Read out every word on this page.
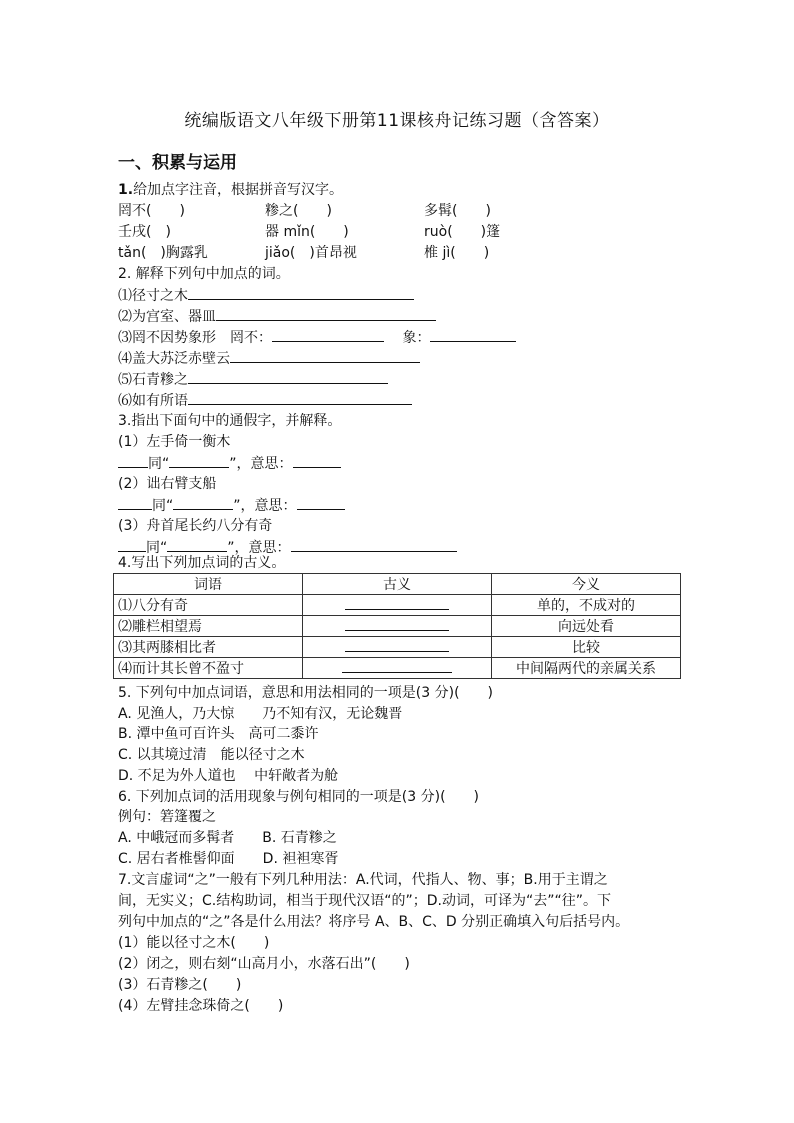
统编版语文八年级下册第11课核舟记练习题（含答案）
一、积累与运用
1.给加点字注音，根据拼音写汉字。
罔不(　　)	糁之(　　)	多髯(　　)
壬戌(　)	器 mǐn(　　)	ruò(　　)篷
tǎn(　)胸露乳	jiǎo(　)首昂视	椎 jì(　　)
2. 解释下列句中加点的词。
⑴径寸之木
⑵为宫室、器皿
⑶罔不因势象形　罔不：	象：
⑷盖大苏泛赤壁云
⑸石青糁之
⑹如有所语
3.指出下面句中的通假字，并解释。
(1）左手倚一衡木
同“	”，意思：
(2）诎右臂支船
同“	”，意思：
(3）舟首尾长约八分有奇
同“	”，意思：
4.写出下列加点词的古义。
词语	古义	今义
⑴八分有奇		单的，不成对的
⑵雕栏相望焉		向远处看
⑶其两膝相比者		比较
⑷而计其长曾不盈寸		中间隔两代的亲属关系
5. 下列句中加点词语，意思和用法相同的一项是(3 分)(　　)
A. 见渔人，乃大惊　　乃不知有汉，无论魏晋
B. 潭中鱼可百许头　高可二黍许
C. 以其境过清　能以径寸之木
D. 不足为外人道也　 中轩敞者为舱
6. 下列加点词的活用现象与例句相同的一项是(3 分)(　　)
例句：箬篷覆之
A. 中峨冠而多髯者　　B. 石青糁之
C. 居右者椎髻仰面　　D. 袒袒寒胥
7.文言虚词“之”一般有下列几种用法：A.代词，代指人、物、事；B.用于主谓之
间，无实义；C.结构助词，相当于现代汉语“的”；D.动词，可译为“去”“往”。下
列句中加点的“之”各是什么用法？将序号 A、B、C、D 分别正确填入句后括号内。
(1）能以径寸之木(　　)
(2）闭之，则右刻“山高月小，水落石出”(　　)
(3）石青糁之(　　)
(4）左臂挂念珠倚之(　　)
